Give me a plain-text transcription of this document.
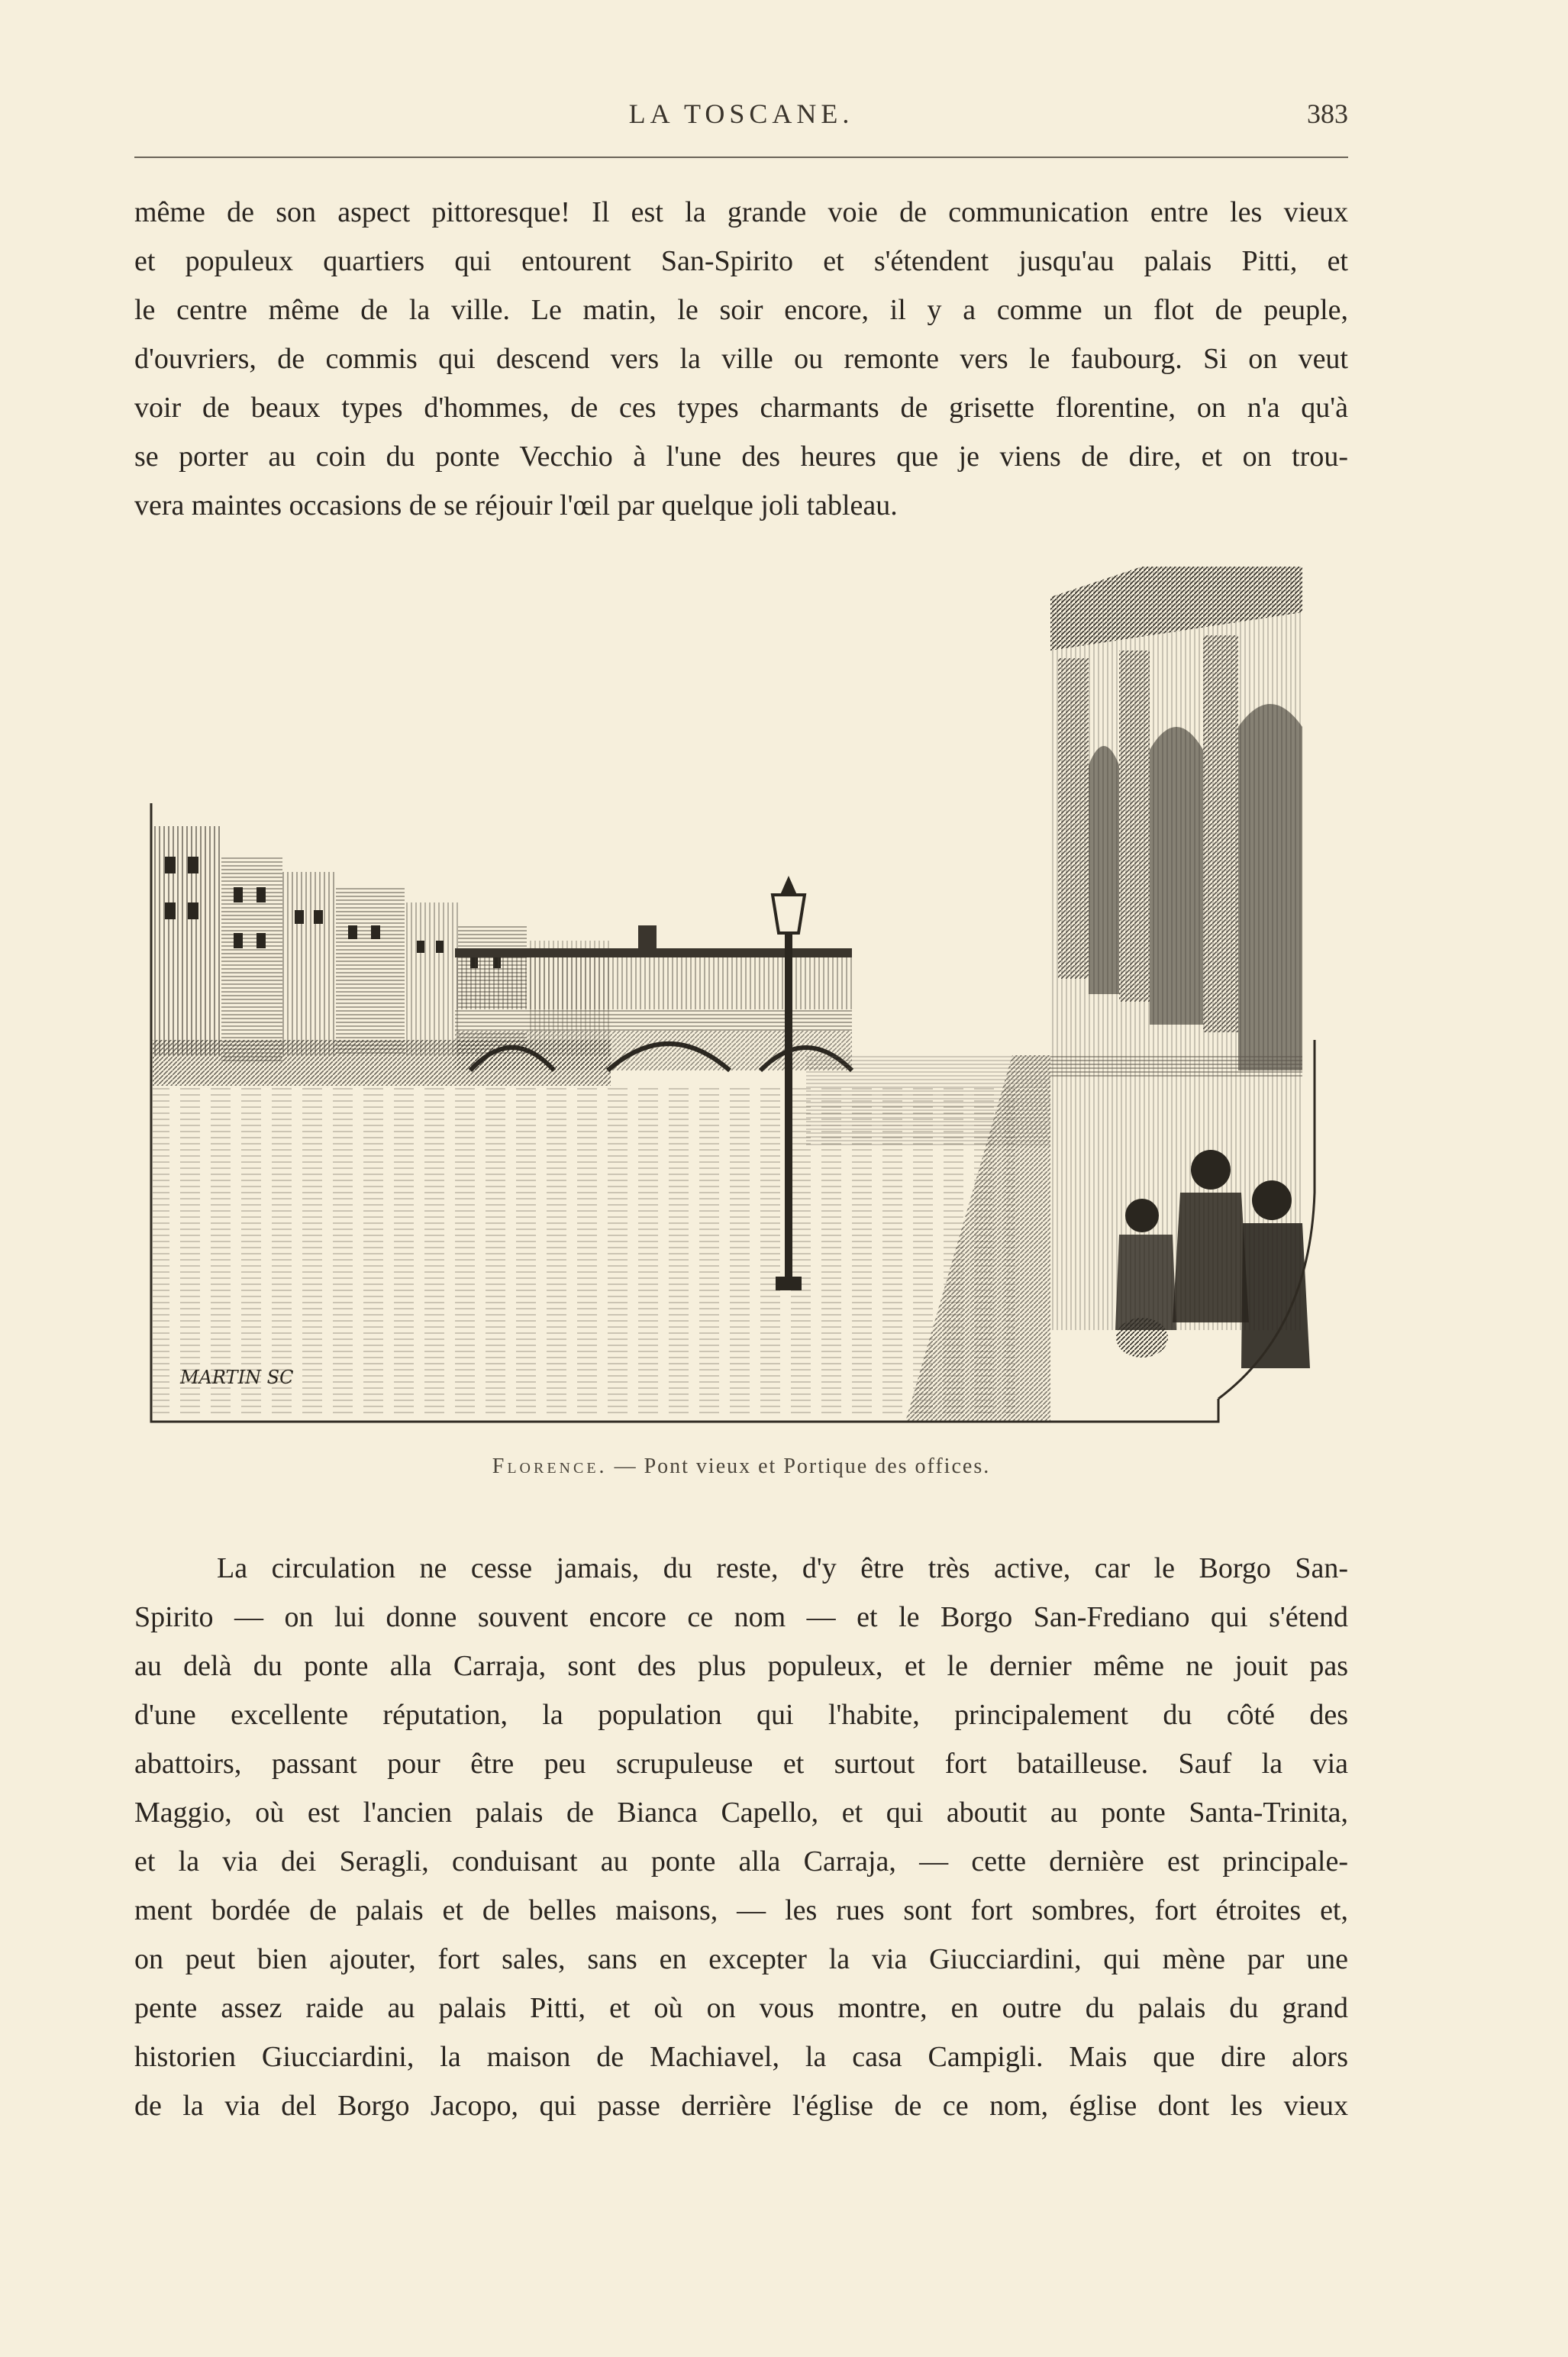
LA TOSCANE.	383
même de son aspect pittoresque! Il est la grande voie de communication entre les vieux
et populeux quartiers qui entourent San-Spirito et s'étendent jusqu'au palais Pitti, et
le centre même de la ville. Le matin, le soir encore, il y a comme un flot de peuple,
d'ouvriers, de commis qui descend vers la ville ou remonte vers le faubourg. Si on veut
voir de beaux types d'hommes, de ces types charmants de grisette florentine, on n'a qu'à
se porter au coin du ponte Vecchio à l'une des heures que je viens de dire, et on trou-
vera maintes occasions de se réjouir l'œil par quelque joli tableau.
MARTIN SC
Florence. — Pont vieux et Portique des offices.
La circulation ne cesse jamais, du reste, d'y être très active, car le Borgo San-
Spirito — on lui donne souvent encore ce nom — et le Borgo San-Frediano qui s'étend
au delà du ponte alla Carraja, sont des plus populeux, et le dernier même ne jouit pas
d'une excellente réputation, la population qui l'habite, principalement du côté des
abattoirs, passant pour être peu scrupuleuse et surtout fort batailleuse. Sauf la via
Maggio, où est l'ancien palais de Bianca Capello, et qui aboutit au ponte Santa-Trinita,
et la via dei Seragli, conduisant au ponte alla Carraja, — cette dernière est principale-
ment bordée de palais et de belles maisons, — les rues sont fort sombres, fort étroites et,
on peut bien ajouter, fort sales, sans en excepter la via Giucciardini, qui mène par une
pente assez raide au palais Pitti, et où on vous montre, en outre du palais du grand
historien Giucciardini, la maison de Machiavel, la casa Campigli. Mais que dire alors
de la via del Borgo Jacopo, qui passe derrière l'église de ce nom, église dont les vieux
